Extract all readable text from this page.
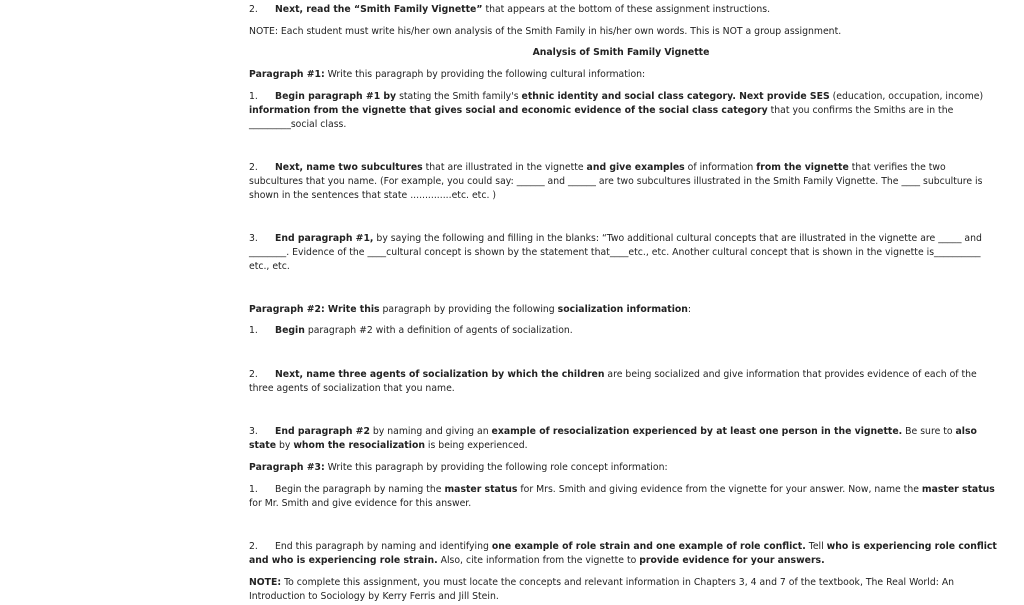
2. Next, read the “Smith Family Vignette” that appears at the bottom of these assignment instructions.
NOTE: Each student must write his/her own analysis of the Smith Family in his/her own words. This is NOT a group assignment.
Analysis of Smith Family Vignette
Paragraph #1: Write this paragraph by providing the following cultural information:
1. Begin paragraph #1 by stating the Smith family's ethnic identity and social class category. Next provide SES (education, occupation, income) information from the vignette that gives social and economic evidence of the social class category that you confirms the Smiths are in the _________social class.
2. Next, name two subcultures that are illustrated in the vignette and give examples of information from the vignette that verifies the two subcultures that you name. (For example, you could say: ______ and ______ are two subcultures illustrated in the Smith Family Vignette. The ____ subculture is shown in the sentences that state ..............etc. etc. )
3. End paragraph #1, by saying the following and filling in the blanks: “Two additional cultural concepts that are illustrated in the vignette are _____ and ________. Evidence of the ____cultural concept is shown by the statement that____etc., etc. Another cultural concept that is shown in the vignette is__________ etc., etc.
Paragraph #2: Write this paragraph by providing the following socialization information:
1. Begin paragraph #2 with a definition of agents of socialization.
2. Next, name three agents of socialization by which the children are being socialized and give information that provides evidence of each of the three agents of socialization that you name.
3. End paragraph #2 by naming and giving an example of resocialization experienced by at least one person in the vignette. Be sure to also state by whom the resocialization is being experienced.
Paragraph #3: Write this paragraph by providing the following role concept information:
1. Begin the paragraph by naming the master status for Mrs. Smith and giving evidence from the vignette for your answer. Now, name the master status for Mr. Smith and give evidence for this answer.
2. End this paragraph by naming and identifying one example of role strain and one example of role conflict. Tell who is experiencing role conflict and who is experiencing role strain. Also, cite information from the vignette to provide evidence for your answers.
NOTE: To complete this assignment, you must locate the concepts and relevant information in Chapters 3, 4 and 7 of the textbook, The Real World: An Introduction to Sociology by Kerry Ferris and Jill Stein.
